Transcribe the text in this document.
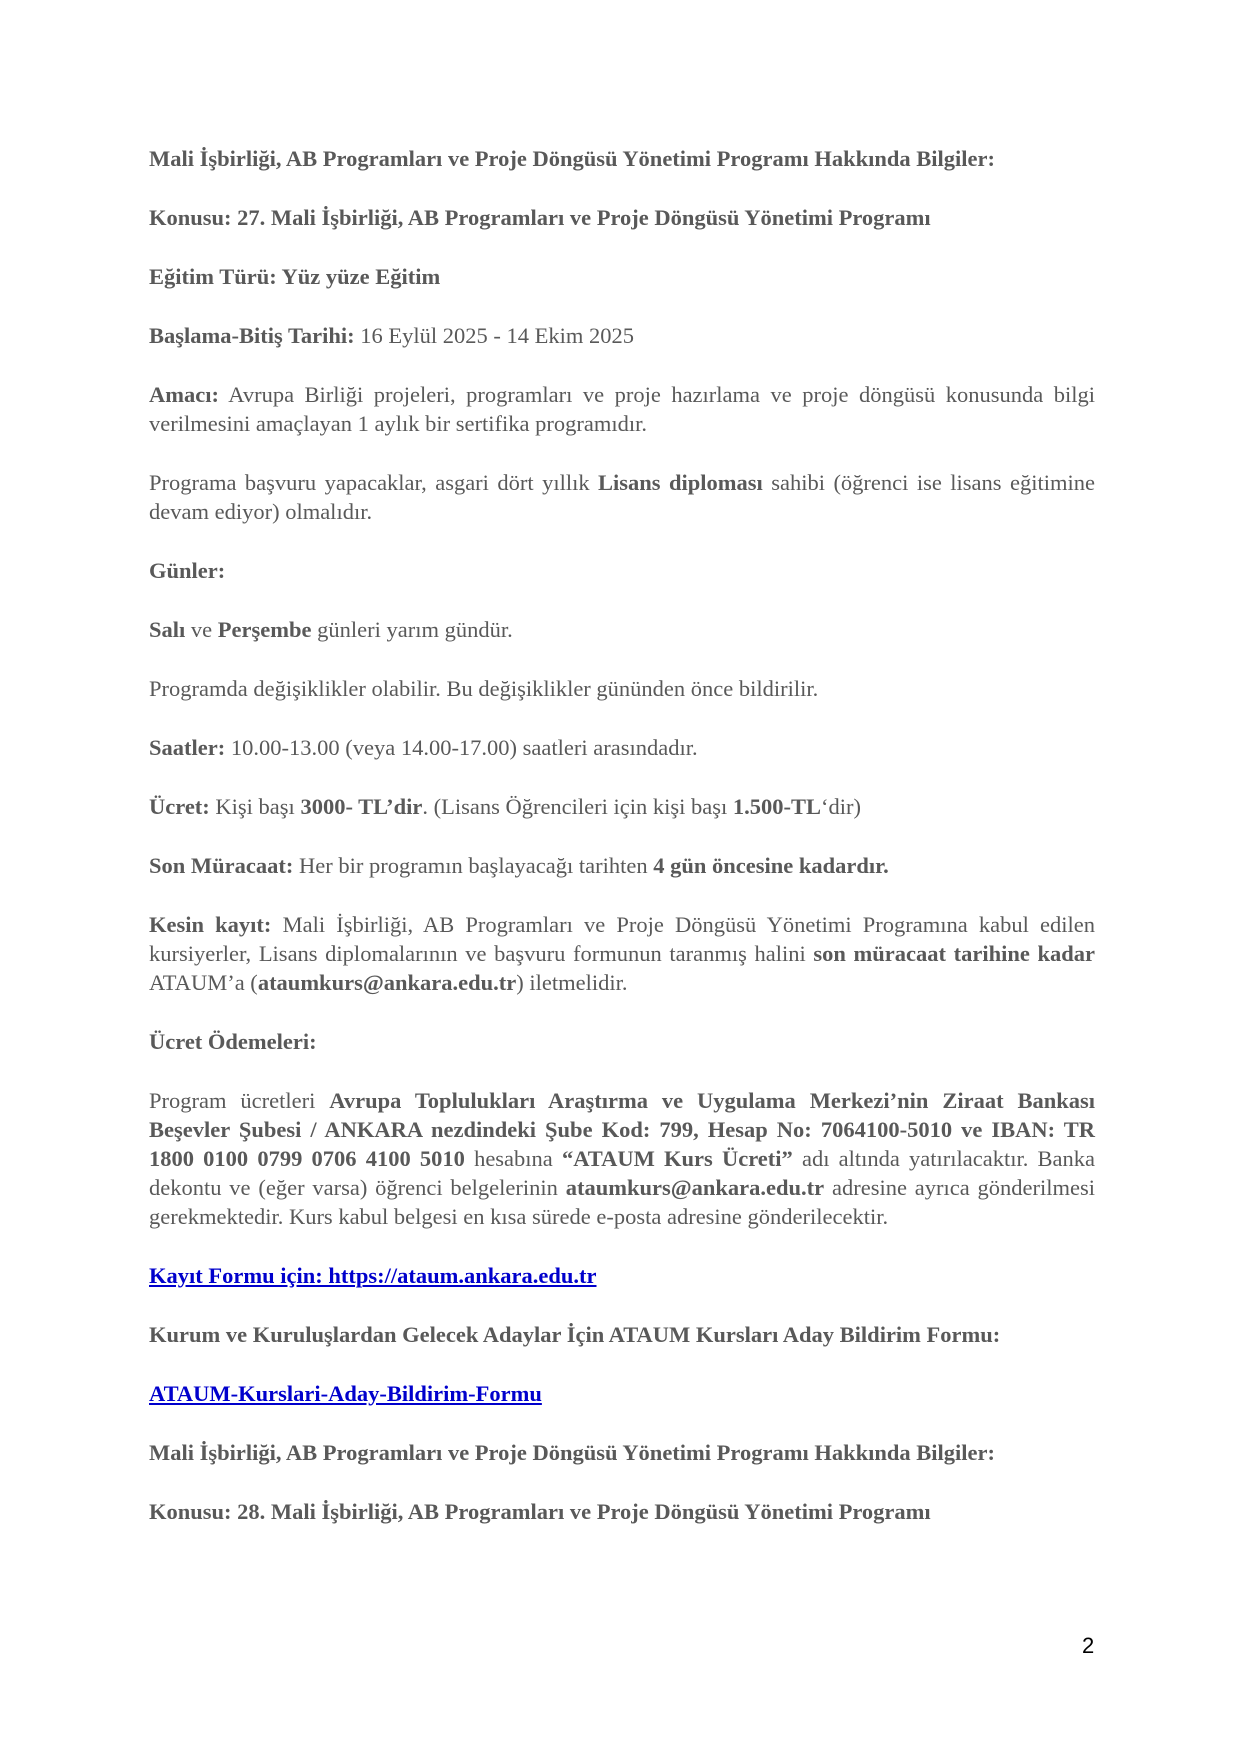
Mali İşbirliği, AB Programları ve Proje Döngüsü Yönetimi Programı Hakkında Bilgiler:

Konusu: 27. Mali İşbirliği, AB Programları ve Proje Döngüsü Yönetimi Programı

Eğitim Türü: Yüz yüze Eğitim

Başlama-Bitiş Tarihi: 16 Eylül 2025 - 14 Ekim 2025

Amacı: Avrupa Birliği projeleri, programları ve proje hazırlama ve proje döngüsü konusunda bilgi verilmesini amaçlayan 1 aylık bir sertifika programıdır.

Programa başvuru yapacaklar, asgari dört yıllık Lisans diploması sahibi (öğrenci ise lisans eğitimine devam ediyor) olmalıdır.

Günler:

Salı ve Perşembe günleri yarım gündür.

Programda değişiklikler olabilir. Bu değişiklikler gününden önce bildirilir.

Saatler: 10.00-13.00 (veya 14.00-17.00) saatleri arasındadır.

Ücret: Kişi başı 3000- TL’dir. (Lisans Öğrencileri için kişi başı 1.500-TL‘dir)

Son Müracaat: Her bir programın başlayacağı tarihten 4 gün öncesine kadardır.

Kesin kayıt: Mali İşbirliği, AB Programları ve Proje Döngüsü Yönetimi Programına kabul edilen kursiyerler, Lisans diplomalarının ve başvuru formunun taranmış halini son müracaat tarihine kadar ATAUM’a (ataumkurs@ankara.edu.tr) iletmelidir.

Ücret Ödemeleri:

Program ücretleri Avrupa Toplulukları Araştırma ve Uygulama Merkezi’nin Ziraat Bankası Beşevler Şubesi / ANKARA nezdindeki Şube Kod: 799, Hesap No: 7064100-5010 ve IBAN: TR 1800 0100 0799 0706 4100 5010 hesabına “ATAUM Kurs Ücreti” adı altında yatırılacaktır. Banka dekontu ve (eğer varsa) öğrenci belgelerinin ataumkurs@ankara.edu.tr adresine ayrıca gönderilmesi gerekmektedir. Kurs kabul belgesi en kısa sürede e-posta adresine gönderilecektir.

Kayıt Formu için: https://ataum.ankara.edu.tr

Kurum ve Kuruluşlardan Gelecek Adaylar İçin ATAUM Kursları Aday Bildirim Formu:

ATAUM-Kurslari-Aday-Bildirim-Formu

Mali İşbirliği, AB Programları ve Proje Döngüsü Yönetimi Programı Hakkında Bilgiler:

Konusu: 28. Mali İşbirliği, AB Programları ve Proje Döngüsü Yönetimi Programı

2
